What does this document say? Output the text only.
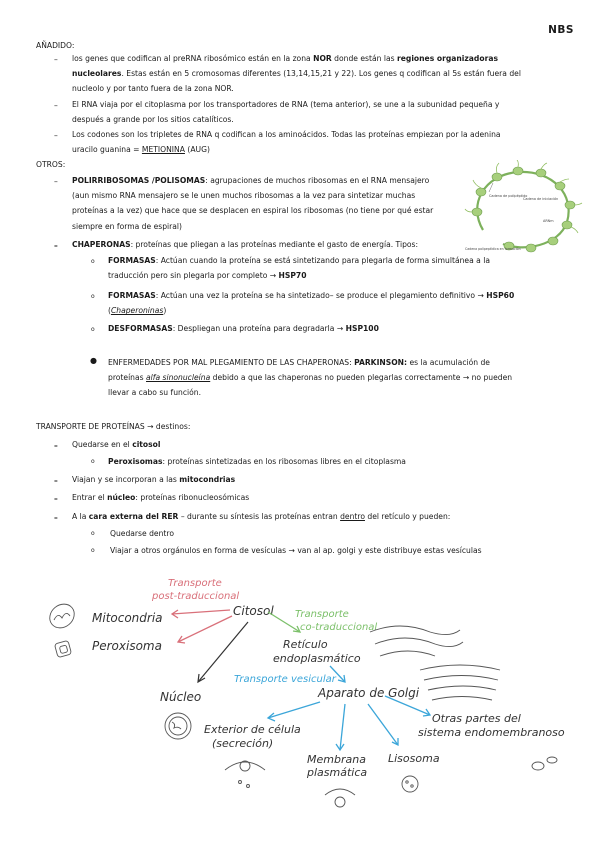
NBS
AÑADIDO:
– los genes que codifican al preRNA ribosómico están en la zona NOR donde están las regiones organizadoras
nucleolares. Estas están en 5 cromosomas diferentes (13,14,15,21 y 22). Los genes q codifican al 5s están fuera del
nucleolo y por tanto fuera de la zona NOR.
– El RNA viaja por el citoplasma por los transportadores de RNA (tema anterior), se une a la subunidad pequeña y
después a grande por los sitios catalíticos.
– Los codones son los tripletes de RNA q codifican a los aminoácidos. Todas las proteínas empiezan por la adenina
uracilo guanina = METIONINA (AUG)
OTROS:
– POLIRRIBOSOMAS /POLISOMAS: agrupaciones de muchos ribosomas en el RNA mensajero
(aun mismo RNA mensajero se le unen muchos ribosomas a la vez para sintetizar muchas
proteínas a la vez) que hace que se desplacen en espiral los ribosomas (no tiene por qué estar
siempre en forma de espiral)
Cadena de polipéptido
Cadena de iniciación
ARNm
Cadena polipeptídica en formación
– CHAPERONAS: proteínas que pliegan a las proteínas mediante el gasto de energía. Tipos:
o FORMASAS: Actúan cuando la proteína se está sintetizando para plegarla de forma simultánea a la
traducción pero sin plegarla por completo → HSP70
o FORMASAS: Actúan una vez la proteína se ha sintetizado– se produce el plegamiento definitivo → HSP60
(Chaperoninas)
o DESFORMASAS: Despliegan una proteína para degradarla → HSP100
● ENFERMEDADES POR MAL PLEGAMIENTO DE LAS CHAPERONAS: PARKINSON: es la acumulación de
proteínas alfa sinonucleína debido a que las chaperonas no pueden plegarlas correctamente → no pueden
llevar a cabo su función.
TRANSPORTE DE PROTEÍNAS → destinos:
– Quedarse en el citosol
o Peroxisomas: proteínas sintetizadas en los ribosomas libres en el citoplasma
– Viajan y se incorporan a las mitocondrias
– Entrar el núcleo: proteínas ribonucleosómicas
– A la cara externa del RER – durante su síntesis las proteínas entran dentro del retículo y pueden:
o Quedarse dentro
o Viajar a otros orgánulos en forma de vesículas → van al ap. golgi y este distribuye estas vesículas
Transporte
post-traduccional
Transporte
co-traduccional
Transporte vesicular
Citosol
Mitocondria
Peroxisoma
Núcleo
Retículo
endoplasmático
Aparato de Golgi
Exterior de célula
(secreción)
Membrana
plasmática
Lisosoma
Otras partes del
sistema endomembranoso
